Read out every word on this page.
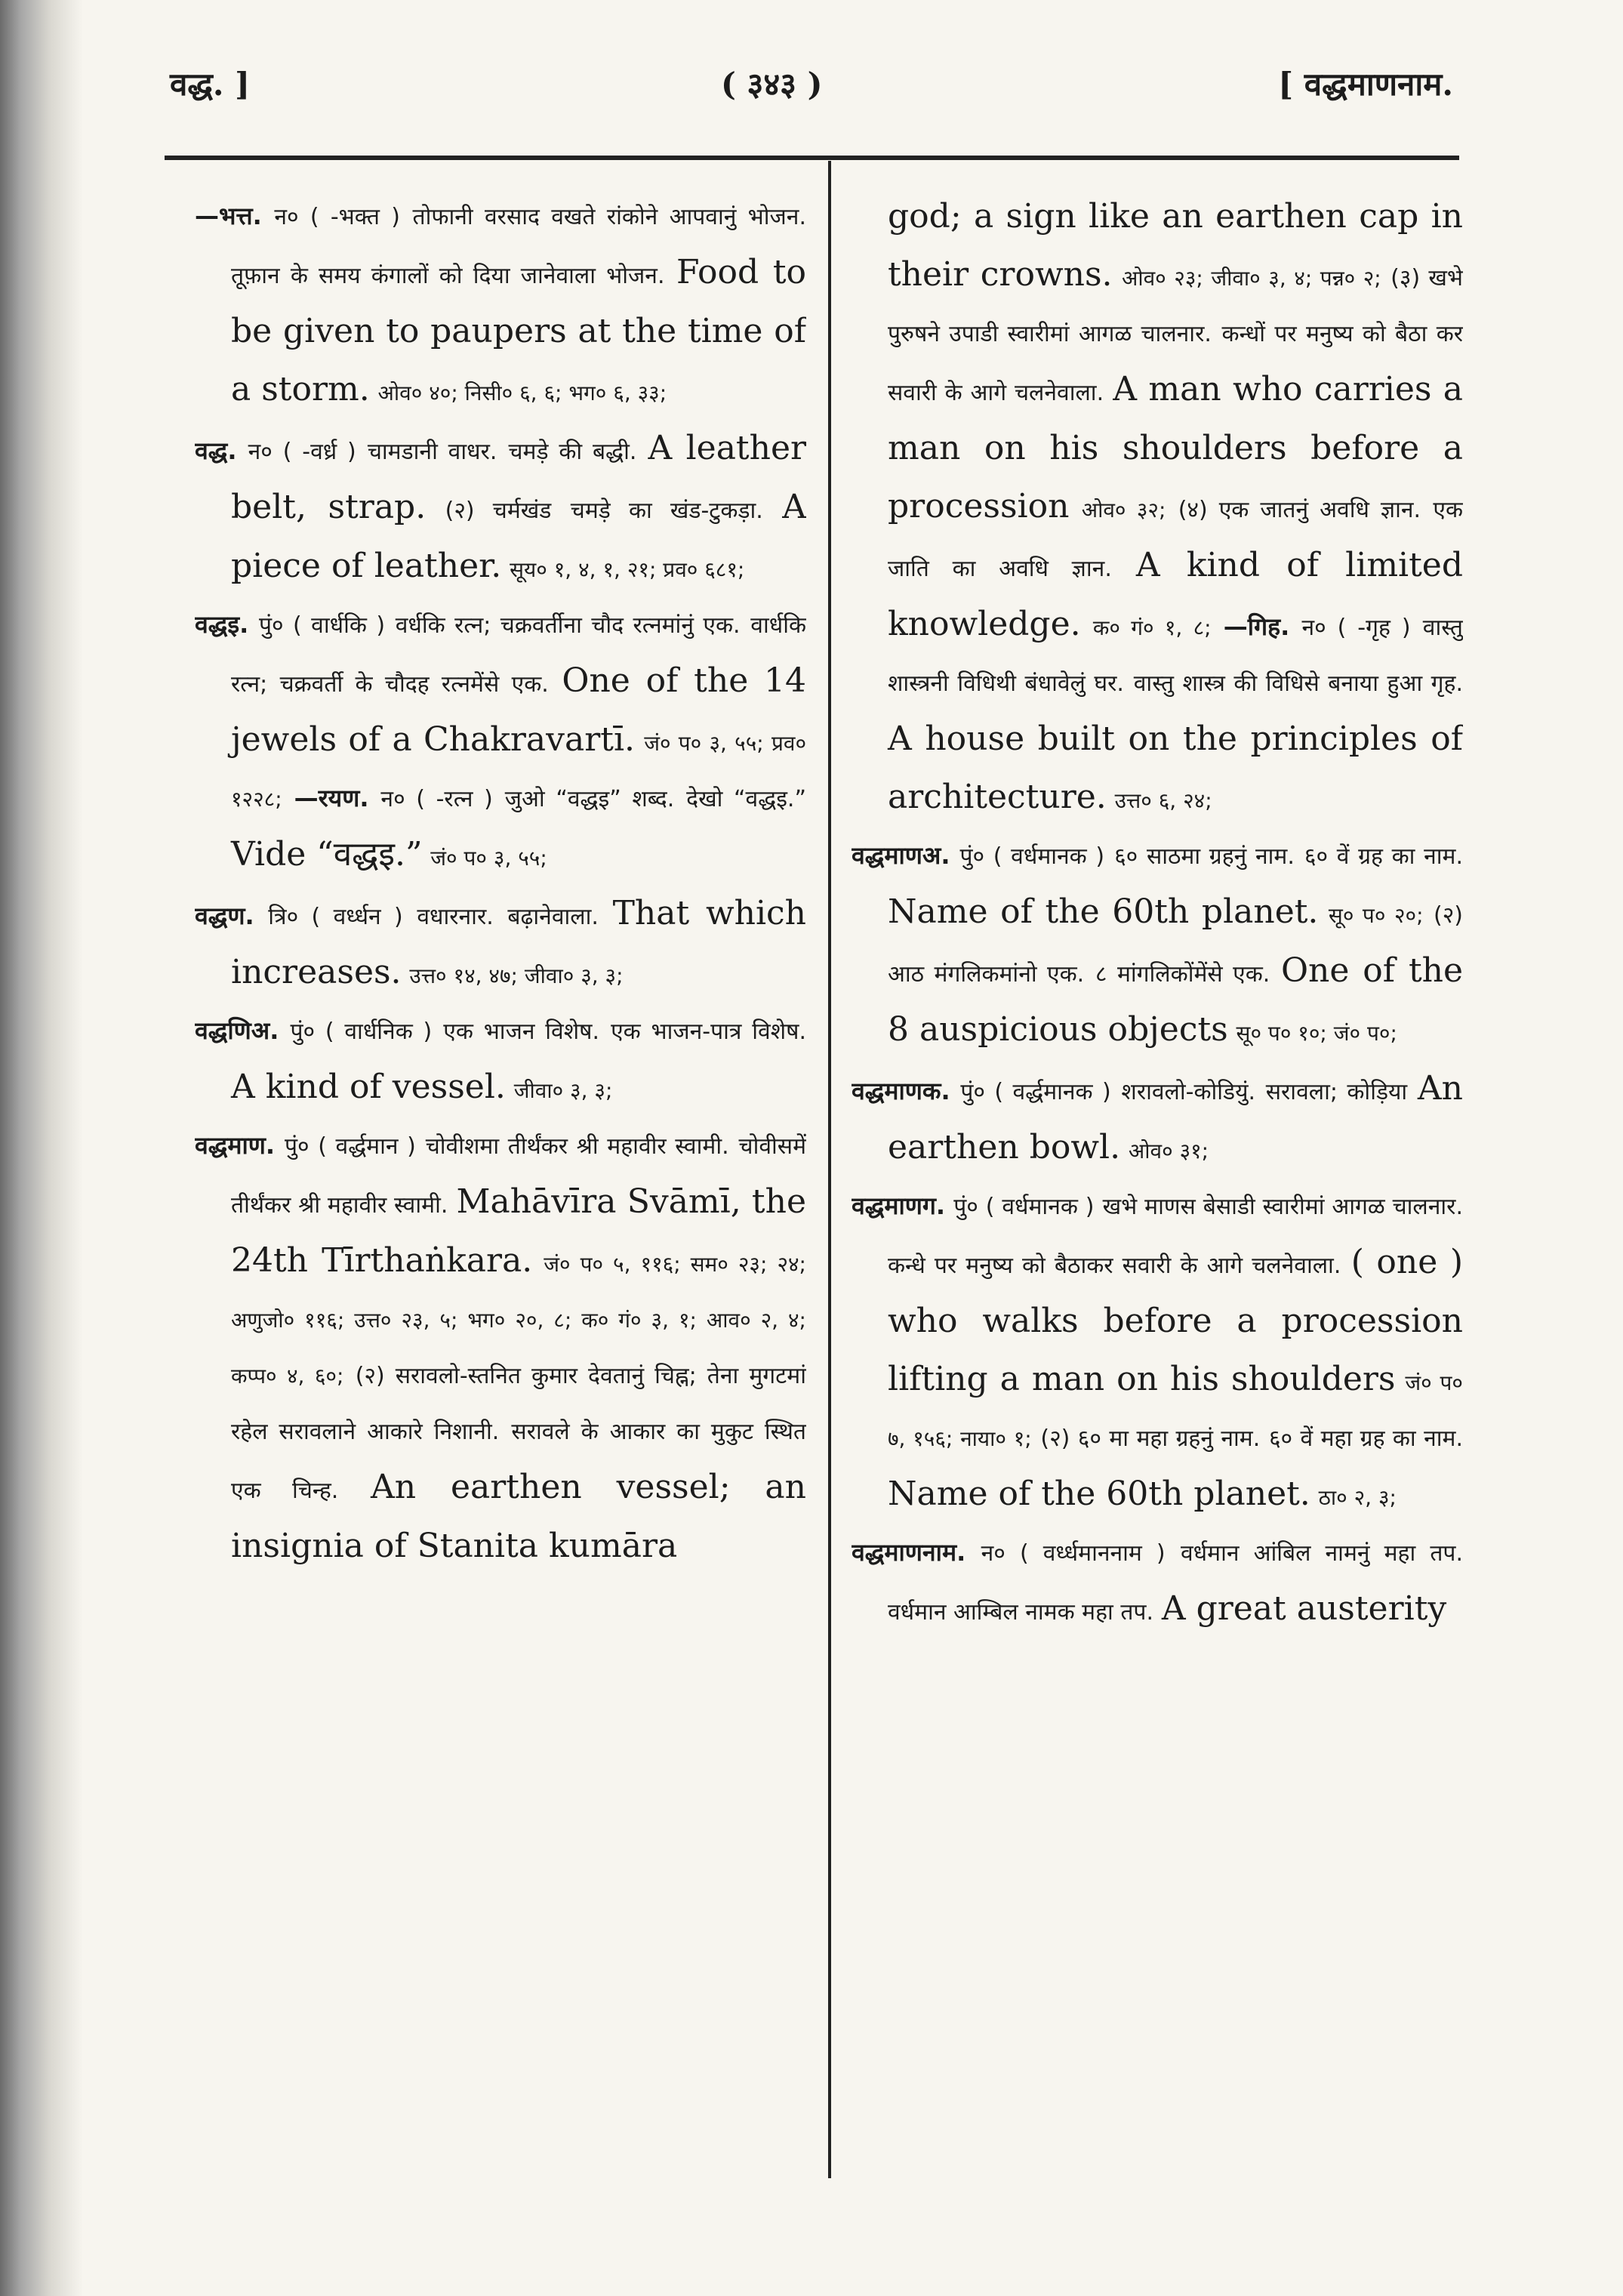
वद्ध. ]	( ३४३ )	[ वद्धमाणनाम.

—भत्त. न० ( -भक्त ) तोफानी वरसाद वखते रांकोने आपवानुं भोजन. तूफ़ान के समय कंगालों को दिया जानेवाला भोजन. Food to be given to paupers at the time of a storm. ओव० ४०; निसी० ६, ६; भग० ६, ३३;

वद्ध. न० ( -वर्ध्र ) चामडानी वाधर. चमड़े की बद्धी. A leather belt, strap. (२) चर्मखंड चमड़े का खंड-टुकड़ा. A piece of leather. सूय० १, ४, १, २१; प्रव० ६८१;

वद्धइ. पुं० ( वार्धकि ) वर्धकि रत्न; चक्रवर्तीना चौद रत्नमांनुं एक. वार्धकि रत्न; चक्रवर्ती के चौदह रत्नमेंसे एक. One of the 14 jewels of a Chakravartī. जं० प० ३, ५५; प्रव० १२२८; —रयण. न० ( -रत्न ) जुओ “वद्धइ” शब्द. देखो “वद्धइ.” Vide “वद्धइ.” जं० प० ३, ५५;

वद्धण. त्रि० ( वर्ध्धन ) वधारनार. बढ़ानेवाला. That which increases. उत्त० १४, ४७; जीवा० ३, ३;

वद्धणिअ. पुं० ( वार्धनिक ) एक भाजन विशेष. एक भाजन-पात्र विशेष. A kind of vessel. जीवा० ३, ३;

वद्धमाण. पुं० ( वर्द्धमान ) चोवीशमा तीर्थंकर श्री महावीर स्वामी. चोवीसमें तीर्थंकर श्री महावीर स्वामी. Mahāvīra Svāmī, the 24th Tīrthaṅkara. जं० प० ५, ११६; सम० २३; २४; अणुजो० ११६; उत्त० २३, ५; भग० २०, ८; क० गं० ३, १; आव० २, ४; कप्प० ४, ६०; (२) सरावलो-स्तनित कुमार देवतानुं चिह्न; तेना मुगटमां रहेल सरावलाने आकारे निशानी. सरावले के आकार का मुकुट स्थित एक चिन्ह. An earthen vessel; an insignia of Stanita kumāra

god; a sign like an earthen cap in their crowns. ओव० २३; जीवा० ३, ४; पन्न० २; (३) खभे पुरुषने उपाडी स्वारीमां आगळ चालनार. कन्धों पर मनुष्य को बैठा कर सवारी के आगे चलनेवाला. A man who carries a man on his shoulders before a procession ओव० ३२; (४) एक जातनुं अवधि ज्ञान. एक जाति का अवधि ज्ञान. A kind of limited knowledge. क० गं० १, ८; —गिह. न० ( -गृह ) वास्तु शास्त्रनी विधिथी बंधावेलुं घर. वास्तु शास्त्र की विधिसे बनाया हुआ गृह. A house built on the principles of architecture. उत्त० ६, २४;

वद्धमाणअ. पुं० ( वर्धमानक ) ६० साठमा ग्रहनुं नाम. ६० वें ग्रह का नाम. Name of the 60th planet. सू० प० २०; (२) आठ मंगलिकमांनो एक. ८ मांगलिकोंमेंसे एक. One of the 8 auspicious objects सू० प० १०; जं० प०;

वद्धमाणक. पुं० ( वर्द्धमानक ) शरावलो-कोडियुं. सरावला; कोड़िया An earthen bowl. ओव० ३१;

वद्धमाणग. पुं० ( वर्धमानक ) खभे माणस बेसाडी स्वारीमां आगळ चालनार. कन्धे पर मनुष्य को बैठाकर सवारी के आगे चलनेवाला. ( one ) who walks before a procession lifting a man on his shoulders जं० प० ७, १५६; नाया० १; (२) ६० मा महा ग्रहनुं नाम. ६० वें महा ग्रह का नाम. Name of the 60th planet. ठा० २, ३;

वद्धमाणनाम. न० ( वर्ध्धमाननाम ) वर्धमान आंबिल नामनुं महा तप. वर्धमान आम्बिल नामक महा तप. A great austerity
